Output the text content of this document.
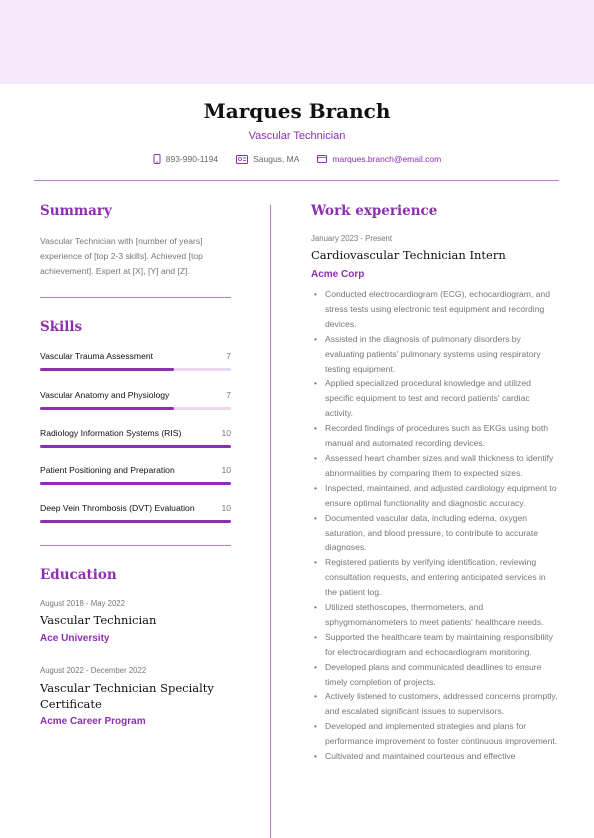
Marques Branch
Vascular Technician
893-990-1194	Saugus, MA	marques.branch@email.com
Summary
Vascular Technician with [number of years] experience of [top 2-3 skills]. Achieved [top achievement]. Expert at [X], [Y] and [Z].
Skills
Vascular Trauma Assessment	7
Vascular Anatomy and Physiology	7
Radiology Information Systems (RIS)	10
Patient Positioning and Preparation	10
Deep Vein Thrombosis (DVT) Evaluation	10
Education
August 2018 - May 2022
Vascular Technician
Ace University
August 2022 - December 2022
Vascular Technician Specialty Certificate
Acme Career Program
Work experience
January 2023 - Present
Cardiovascular Technician Intern
Acme Corp
• Conducted electrocardiogram (ECG), echocardiogram, and stress tests using electronic test equipment and recording devices.
• Assisted in the diagnosis of pulmonary disorders by evaluating patients' pulmonary systems using respiratory testing equipment.
• Applied specialized procedural knowledge and utilized specific equipment to test and record patients' cardiac activity.
• Recorded findings of procedures such as EKGs using both manual and automated recording devices.
• Assessed heart chamber sizes and wall thickness to identify abnormalities by comparing them to expected sizes.
• Inspected, maintained, and adjusted cardiology equipment to ensure optimal functionality and diagnostic accuracy.
• Documented vascular data, including edema, oxygen saturation, and blood pressure, to contribute to accurate diagnoses.
• Registered patients by verifying identification, reviewing consultation requests, and entering anticipated services in the patient log.
• Utilized stethoscopes, thermometers, and sphygmomanometers to meet patients' healthcare needs.
• Supported the healthcare team by maintaining responsibility for electrocardiogram and echocardiogram monitoring.
• Developed plans and communicated deadlines to ensure timely completion of projects.
• Actively listened to customers, addressed concerns promptly, and escalated significant issues to supervisors.
• Developed and implemented strategies and plans for performance improvement to foster continuous improvement.
• Cultivated and maintained courteous and effective
